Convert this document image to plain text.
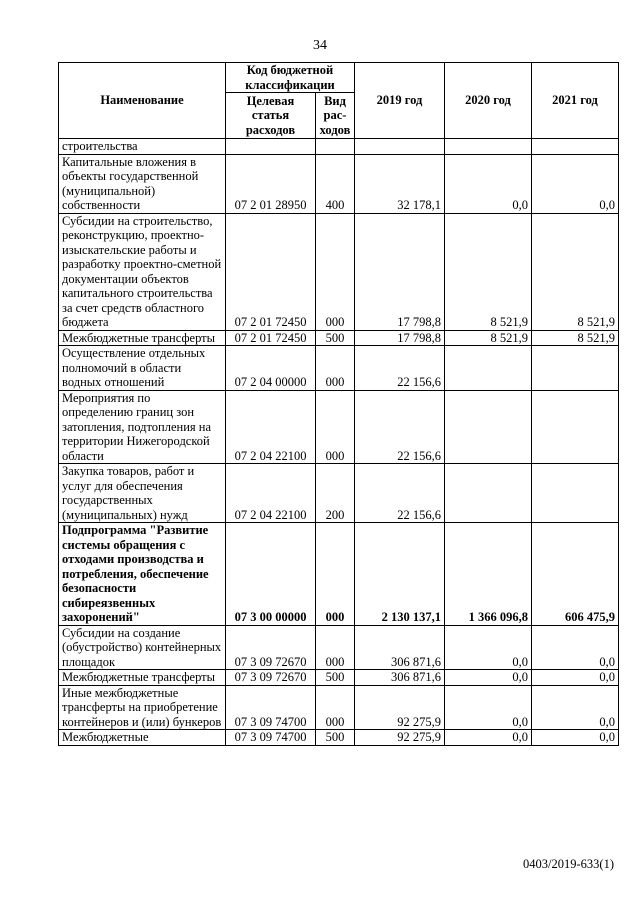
34
Наименование	Код бюджетной классификации		2019 год	2020 год	2021 год
	Целевая статья расходов	Вид рас-ходов			
строительства					
Капитальные вложения в объекты государственной (муниципальной) собственности	07 2 01 28950	400	32 178,1	0,0	0,0
Субсидии на строительство, реконструкцию, проектно-изыскательские работы и разработку проектно-сметной документации объектов капитального строительства за счет средств областного бюджета	07 2 01 72450	000	17 798,8	8 521,9	8 521,9
Межбюджетные трансферты	07 2 01 72450	500	17 798,8	8 521,9	8 521,9
Осуществление отдельных полномочий в области водных отношений	07 2 04 00000	000	22 156,6		
Мероприятия по определению границ зон затопления, подтопления на территории Нижегородской области	07 2 04 22100	000	22 156,6		
Закупка товаров, работ и услуг для обеспечения государственных (муниципальных) нужд	07 2 04 22100	200	22 156,6		
Подпрограмма "Развитие системы обращения с отходами производства и потребления, обеспечение безопасности сибиреязвенных захоронений"	07 3 00 00000	000	2 130 137,1	1 366 096,8	606 475,9
Субсидии на создание (обустройство) контейнерных площадок	07 3 09 72670	000	306 871,6	0,0	0,0
Межбюджетные трансферты	07 3 09 72670	500	306 871,6	0,0	0,0
Иные межбюджетные трансферты на приобретение контейнеров и (или) бункеров	07 3 09 74700	000	92 275,9	0,0	0,0
Межбюджетные	07 3 09 74700	500	92 275,9	0,0	0,0
0403/2019-633(1)
